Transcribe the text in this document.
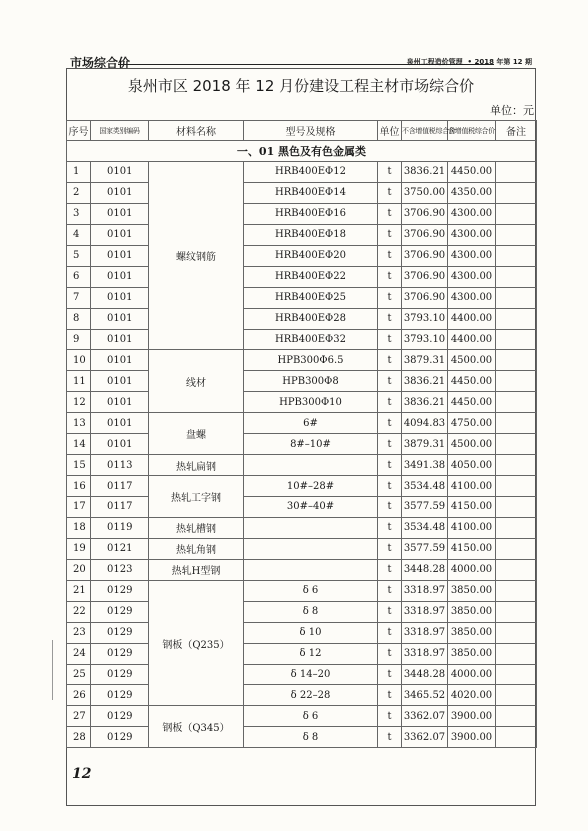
市场综合价	泉州工程造价管理 • 2018 年第 12 期
泉州市区 2018 年 12 月份建设工程主材市场综合价
单位：元
序号	国家类别编码	材料名称	型号及规格	单位	不含增值税综合价	含增值税综合价	备注
一、01 黑色及有色金属类							
1	0101	螺纹钢筋	HRB400EΦ12	t	3836.21	4450.00	
2	0101		HRB400EΦ14	t	3750.00	4350.00	
3	0101		HRB400EΦ16	t	3706.90	4300.00	
4	0101		HRB400EΦ18	t	3706.90	4300.00	
5	0101		HRB400EΦ20	t	3706.90	4300.00	
6	0101		HRB400EΦ22	t	3706.90	4300.00	
7	0101		HRB400EΦ25	t	3706.90	4300.00	
8	0101		HRB400EΦ28	t	3793.10	4400.00	
9	0101		HRB400EΦ32	t	3793.10	4400.00	
10	0101	线材	HPB300Φ6.5	t	3879.31	4500.00	
11	0101		HPB300Φ8	t	3836.21	4450.00	
12	0101		HPB300Φ10	t	3836.21	4450.00	
13	0101	盘螺	6#	t	4094.83	4750.00	
14	0101		8#–10#	t	3879.31	4500.00	
15	0113	热轧扁钢		t	3491.38	4050.00	
16	0117	热轧工字钢	10#–28#	t	3534.48	4100.00	
17	0117		30#–40#	t	3577.59	4150.00	
18	0119	热轧槽钢		t	3534.48	4100.00	
19	0121	热轧角钢		t	3577.59	4150.00	
20	0123	热轧H型钢		t	3448.28	4000.00	
21	0129	钢板（Q235）	δ 6	t	3318.97	3850.00	
22	0129		δ 8	t	3318.97	3850.00	
23	0129		δ 10	t	3318.97	3850.00	
24	0129		δ 12	t	3318.97	3850.00	
25	0129		δ 14–20	t	3448.28	4000.00	
26	0129		δ 22–28	t	3465.52	4020.00	
27	0129	钢板（Q345）	δ 6	t	3362.07	3900.00	
28	0129		δ 8	t	3362.07	3900.00	
12
